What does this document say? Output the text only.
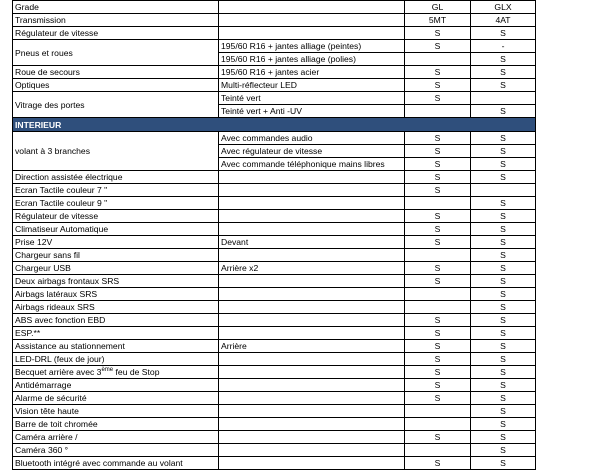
Grade		GL	GLX
Transmission		5MT	4AT
Régulateur de vitesse		S	S
Pneus et roues	195/60 R16 + jantes alliage (peintes)	S	-
	195/60 R16 + jantes alliage (polies)		S
Roue de secours	195/60 R16 + jantes acier	S	S
Optiques	Multi-réflecteur LED	S	S
Vitrage des portes	Teinté vert	S	
	Teinté vert + Anti -UV		S
INTERIEUR			
volant à 3 branches	Avec commandes audio	S	S
	Avec régulateur de vitesse	S	S
	Avec commande téléphonique mains libres	S	S
Direction assistée électrique		S	S
Ecran Tactile couleur 7 "		S	
Ecran Tactile couleur 9 "			S
Régulateur de vitesse		S	S
Climatiseur Automatique		S	S
Prise 12V	Devant	S	S
Chargeur sans fil			S
Chargeur USB	Arrière x2	S	S
Deux airbags frontaux SRS		S	S
Airbags latéraux SRS			S
Airbags rideaux SRS			S
ABS avec fonction EBD		S	S
ESP.**		S	S
Assistance au stationnement	Arrière	S	S
LED-DRL (feux de jour)		S	S
Becquet arrière avec 3ème feu de Stop		S	S
Antidémarrage		S	S
Alarme de sécurité		S	S
Vision tête haute			S
Barre de toit chromée			S
Caméra arrière /		S	S
Caméra 360 °			S
Bluetooth intégré avec commande au volant		S	S
